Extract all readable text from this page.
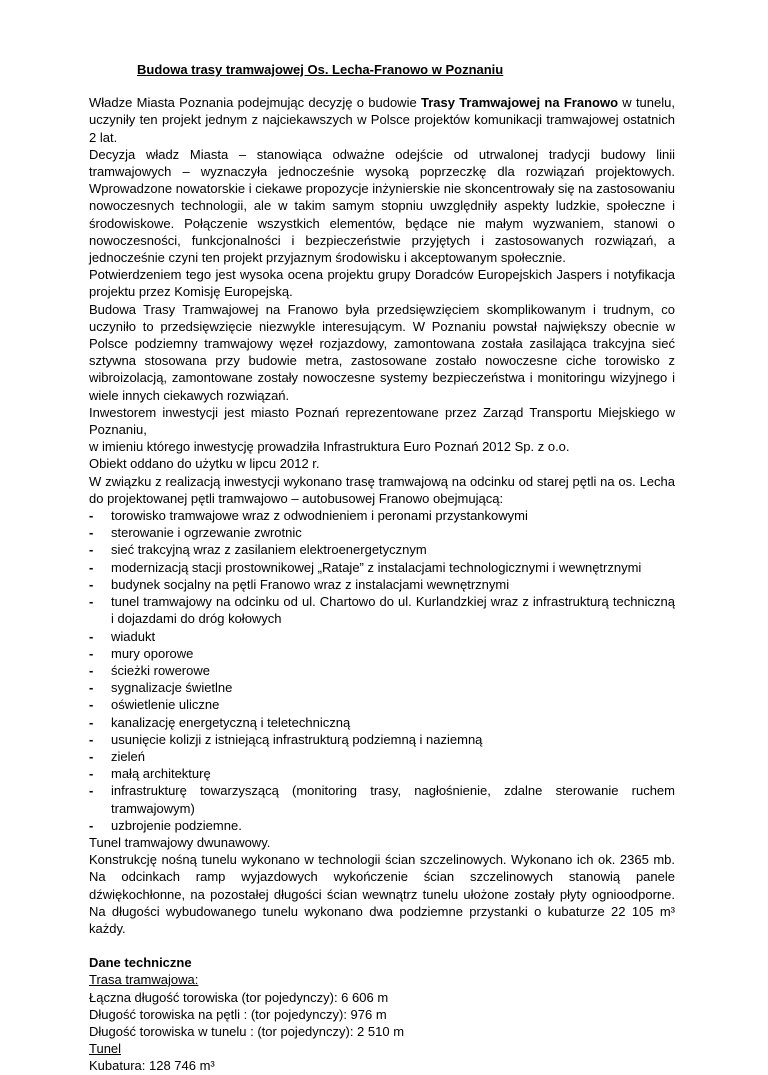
Budowa trasy tramwajowej Os. Lecha-Franowo w Poznaniu

Władze Miasta Poznania podejmując decyzję o budowie Trasy Tramwajowej na Franowo w tunelu, uczyniły ten projekt jednym z najciekawszych w Polsce projektów komunikacji tramwajowej ostatnich 2 lat.

Decyzja władz Miasta – stanowiąca odważne odejście od utrwalonej tradycji budowy linii tramwajowych – wyznaczyła jednocześnie wysoką poprzeczkę dla rozwiązań projektowych. Wprowadzone nowatorskie i ciekawe propozycje inżynierskie nie skoncentrowały się na zastosowaniu nowoczesnych technologii, ale w takim samym stopniu uwzględniły aspekty ludzkie, społeczne i środowiskowe. Połączenie wszystkich elementów, będące nie małym wyzwaniem, stanowi o nowoczesności, funkcjonalności i bezpieczeństwie przyjętych i zastosowanych rozwiązań, a jednocześnie czyni ten projekt przyjaznym środowisku i akceptowanym społecznie.

Potwierdzeniem tego jest wysoka ocena projektu grupy Doradców Europejskich Jaspers i notyfikacja projektu przez Komisję Europejską.

Budowa Trasy Tramwajowej na Franowo była przedsięwzięciem skomplikowanym i trudnym, co uczyniło to przedsięwzięcie niezwykle interesującym. W Poznaniu powstał największy obecnie w Polsce podziemny tramwajowy węzeł rozjazdowy, zamontowana została zasilająca trakcyjna sieć sztywna stosowana przy budowie metra, zastosowane zostało nowoczesne ciche torowisko z wibroizolacją, zamontowane zostały nowoczesne systemy bezpieczeństwa i monitoringu wizyjnego i wiele innych ciekawych rozwiązań.

Inwestorem inwestycji jest miasto Poznań reprezentowane przez Zarząd Transportu Miejskiego w Poznaniu,

w imieniu którego inwestycję prowadziła Infrastruktura Euro Poznań 2012 Sp. z o.o.

Obiekt oddano do użytku w lipcu 2012 r.

W związku z realizacją inwestycji wykonano trasę tramwajową na odcinku od starej pętli na os. Lecha do projektowanej pętli tramwajowo – autobusowej Franowo obejmującą:

- torowisko tramwajowe wraz z odwodnieniem i peronami przystankowymi
- sterowanie i ogrzewanie zwrotnic
- sieć trakcyjną wraz z zasilaniem elektroenergetycznym
- modernizacją stacji prostownikowej „Rataje” z instalacjami technologicznymi i wewnętrznymi
- budynek socjalny na pętli Franowo wraz z instalacjami wewnętrznymi
- tunel tramwajowy na odcinku od ul. Chartowo do ul. Kurlandzkiej wraz z infrastrukturą techniczną i dojazdami do dróg kołowych
- wiadukt
- mury oporowe
- ścieżki rowerowe
- sygnalizacje świetlne
- oświetlenie uliczne
- kanalizację energetyczną i teletechniczną
- usunięcie kolizji z istniejącą infrastrukturą podziemną i naziemną
- zieleń
- małą architekturę
- infrastrukturę towarzyszącą (monitoring trasy, nagłośnienie, zdalne sterowanie ruchem tramwajowym)
- uzbrojenie podziemne.

Tunel tramwajowy dwunawowy.

Konstrukcję nośną tunelu wykonano w technologii ścian szczelinowych. Wykonano ich ok. 2365 mb. Na odcinkach ramp wyjazdowych wykończenie ścian szczelinowych stanowią panele dźwiękochłonne, na pozostałej długości ścian wewnątrz tunelu ułożone zostały płyty ognioodporne. Na długości wybudowanego tunelu wykonano dwa podziemne przystanki o kubaturze 22 105 m³ każdy.

Dane techniczne
Trasa tramwajowa:
Łączna długość torowiska (tor pojedynczy): 6 606 m
Długość torowiska na pętli : (tor pojedynczy): 976 m
Długość torowiska w tunelu : (tor pojedynczy): 2 510 m
Tunel
Kubatura: 128 746 m³
